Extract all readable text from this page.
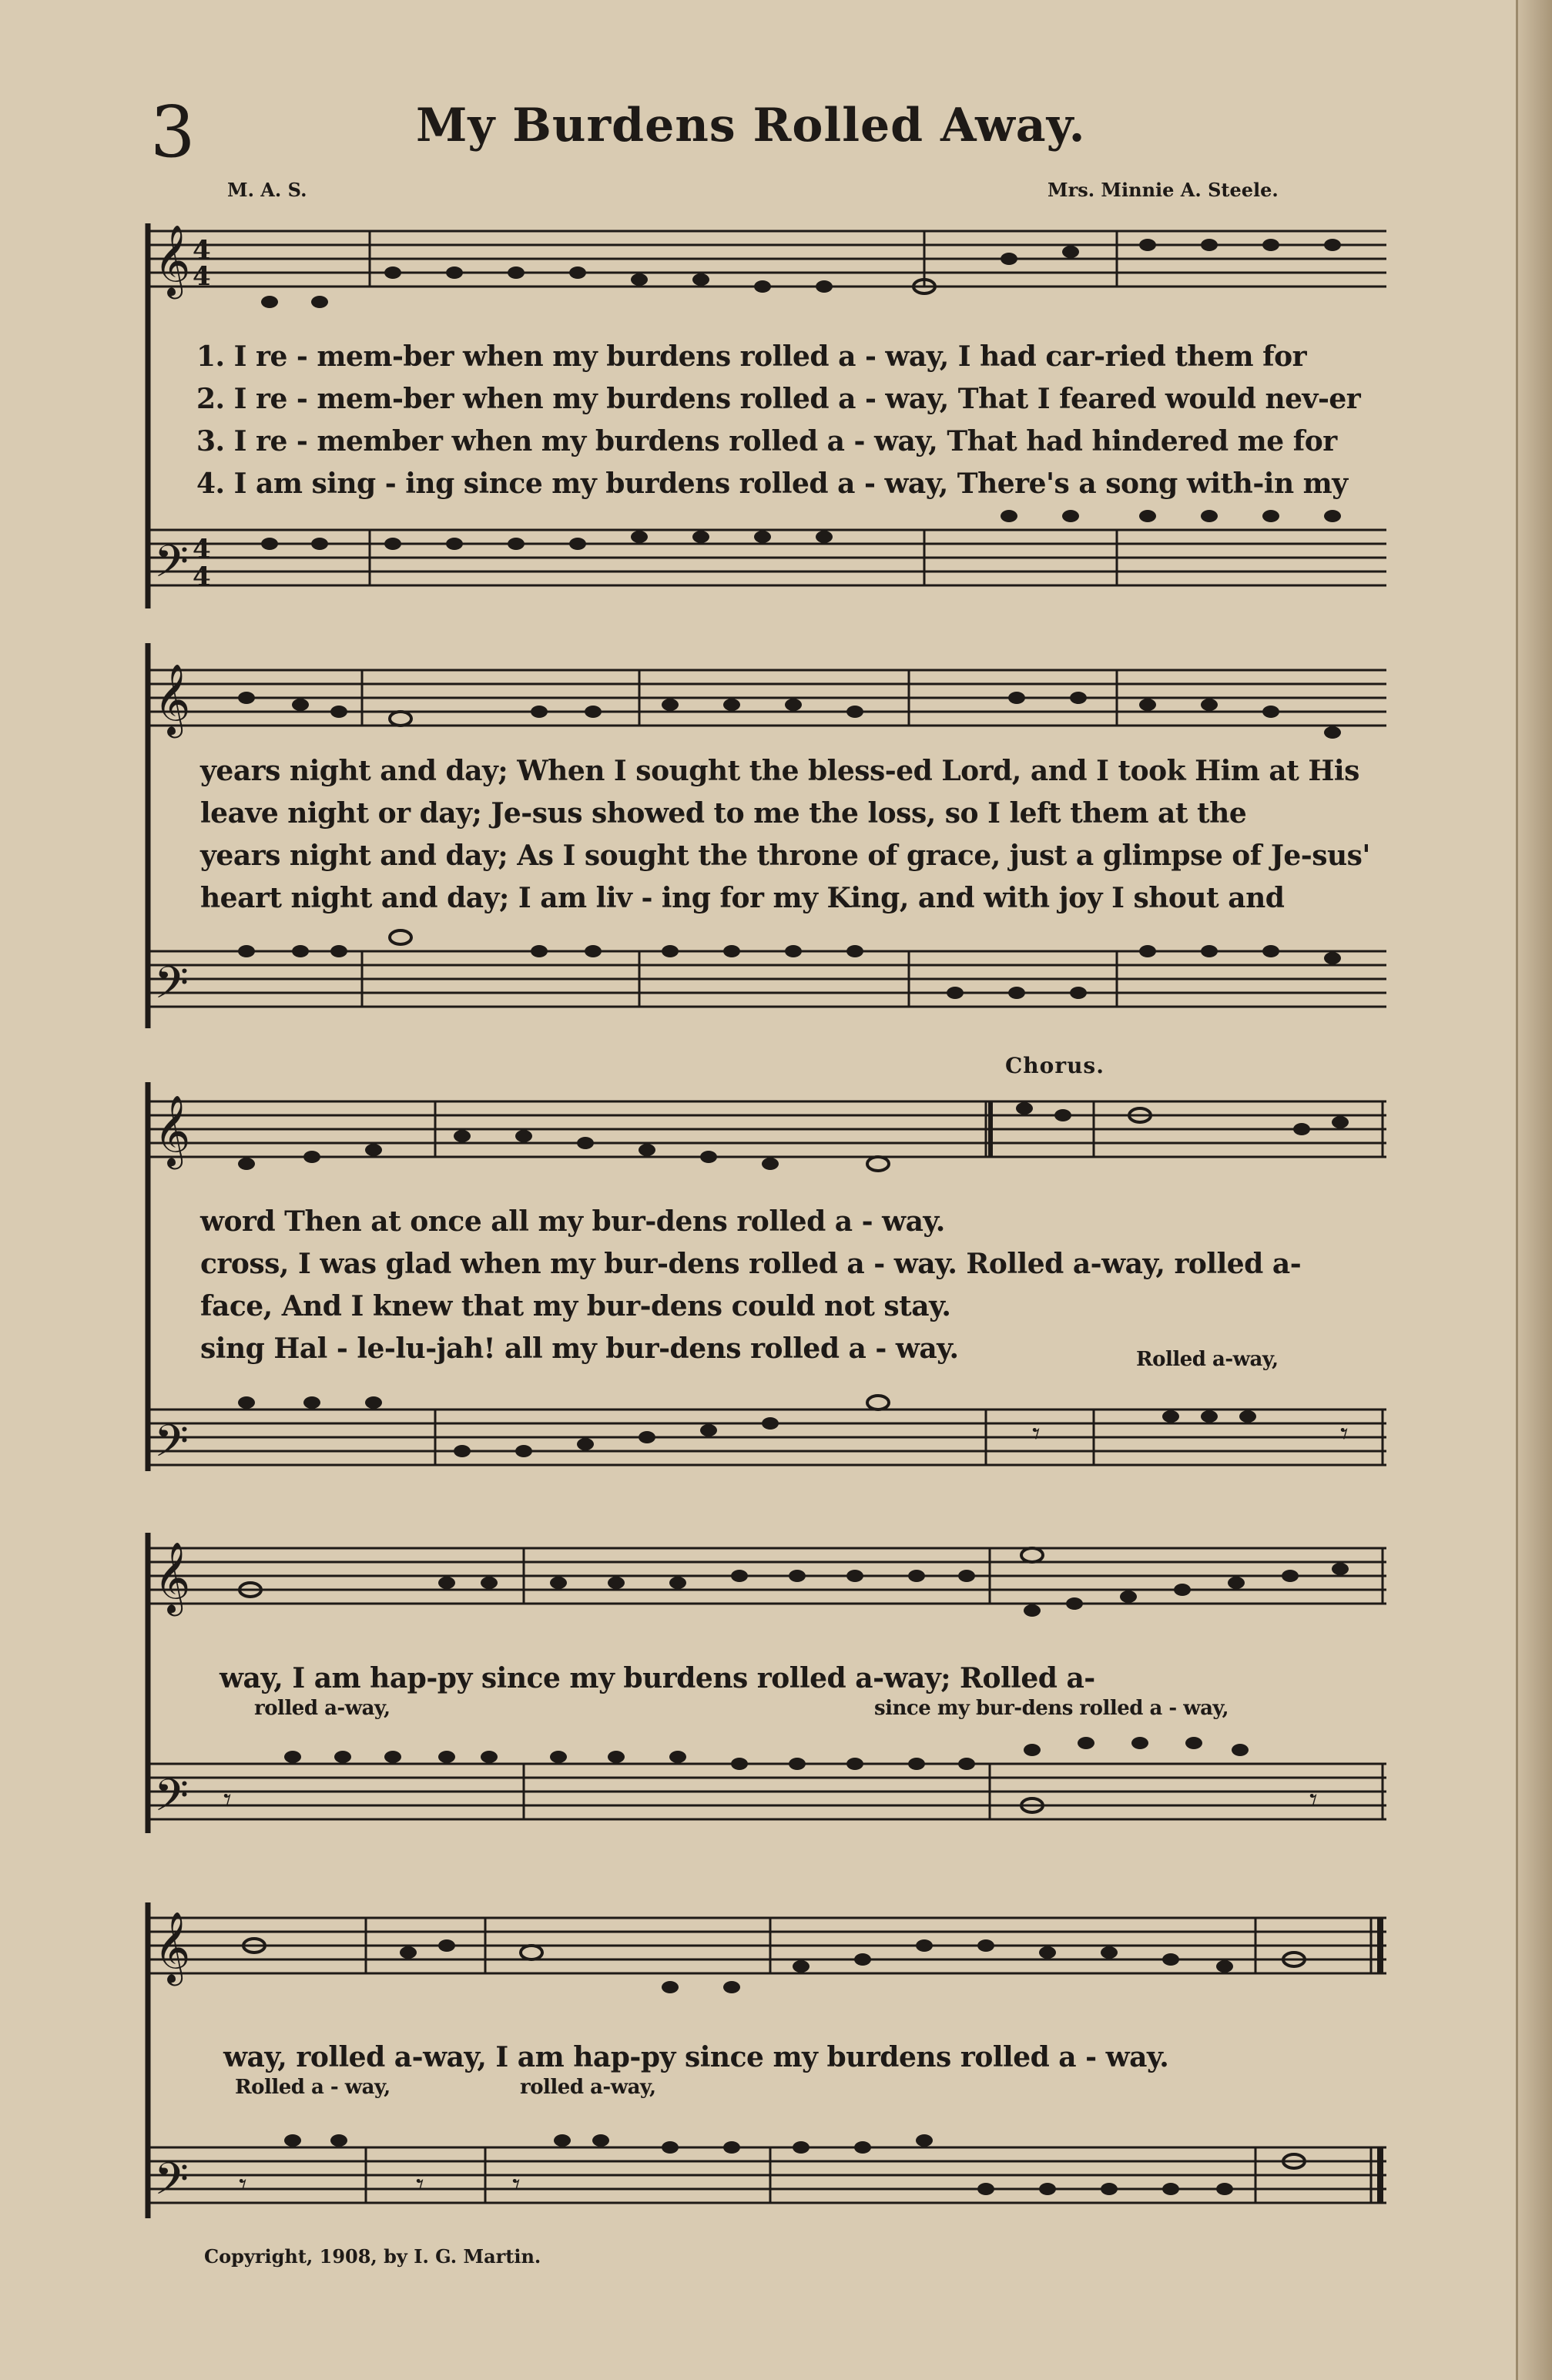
3	My Burdens Rolled Away.
M. A. S.	Mrs. Minnie A. Steele.
𝄞
𝄢
4
4
4
4
1. I re - mem-ber when my burdens rolled a - way, I had car-ried them for
2. I re - mem-ber when my burdens rolled a - way, That I feared would nev-er
3. I re - member when my burdens rolled a - way, That had hindered me for
4. I am sing - ing since my burdens rolled a - way, There's a song with-in my
𝄞
𝄢
years night and day; When I sought the bless-ed Lord, and I took Him at His
leave night or day; Je-sus showed to me the loss, so I left them at the
years night and day; As I sought the throne of grace, just a glimpse of Je-sus'
heart night and day; I am liv - ing for my King, and with joy I shout and
Chorus.
𝄞
𝄢	𝄾	𝄾
word Then at once all my bur-dens rolled a - way.
cross, I was glad when my bur-dens rolled a - way. Rolled a-way, rolled a-
face, And I knew that my bur-dens could not stay.
sing Hal - le-lu-jah! all my bur-dens rolled a - way.	Rolled a-way,
𝄞
𝄢	𝄾
𝄾
way, I am hap-py since my burdens rolled a-way; Rolled a-
rolled a-way,	since my bur-dens rolled a - way,
𝄞
𝄢 𝄾	𝄾	𝄾
way, rolled a-way, I am hap-py since my burdens rolled a - way.
Rolled a - way,	rolled a-way,
Copyright, 1908, by I. G. Martin.
